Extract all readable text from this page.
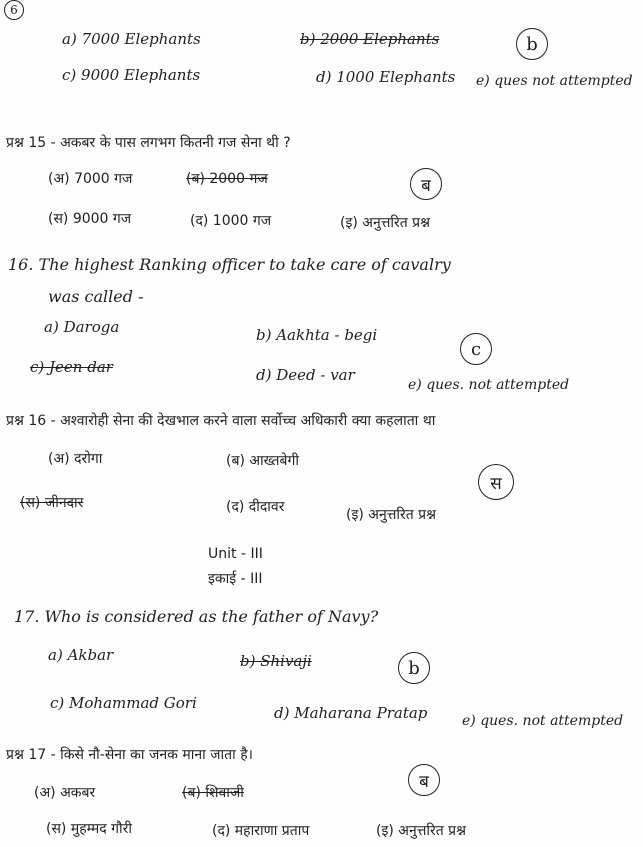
6
a) 7000 Elephants	b) 2000 Elephants	b
c) 9000 Elephants	d) 1000 Elephants e) ques not attempted
प्रश्न 15 - अकबर के पास लगभग कितनी गज सेना थी ?
(अ) 7000 गज	(ब) 2000 गज	ब
(स) 9000 गज	(द) 1000 गज	(इ) अनुत्तरित प्रश्न
16. The highest Ranking officer to take care of cavalry
was called -
a) Daroga	b) Aakhta - begi
c
c) Jeen dar	d) Deed - var
e) ques. not attempted
प्रश्न 16 - अश्वारोही सेना की देखभाल करने वाला सर्वोच्च अधिकारी क्या कहलाता था
(अ) दरोगा	(ब) आख्तबेगी
स
(स) जीनदार	(द) दीदावर	(इ) अनुत्तरित प्रश्न
Unit - III
इकाई - III
17. Who is considered as the father of Navy?
a) Akbar	b) Shivaji	b
c) Mohammad Gori
d) Maharana Pratap e) ques. not attempted
प्रश्न 17 - किसे नौ-सेना का जनक माना जाता है।
(अ) अकबर	(ब) शिवाजी
ब
(स) मुहम्मद गौरी	(द) महाराणा प्रताप	(इ) अनुत्तरित प्रश्न
